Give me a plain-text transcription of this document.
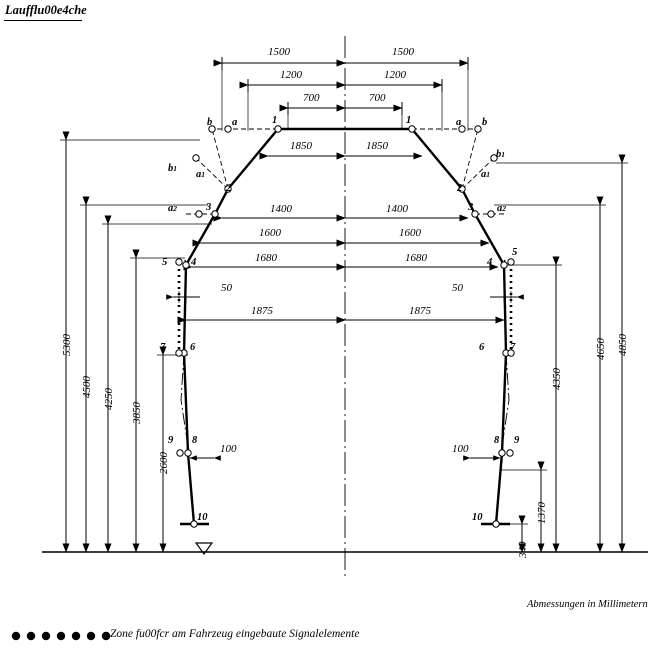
Laufflu00e4che
1500	1500
1200	1200
700	700
1850	1850
1400	1400
1600	1600
1680	1680
50	50
1875	1875
100	100
5300
4500
4250
3850
2600
4850
4650
4350
1370
340
b a	1
b1
a1
a2
2
3
5 4
7 6
9 8
10
1	a b
b1
a1
a2
2
3
4
5
6 7
8 9
10
Abmessungen in Millimetern
Zone fu00fcr am Fahrzeug eingebaute Signalelemente
